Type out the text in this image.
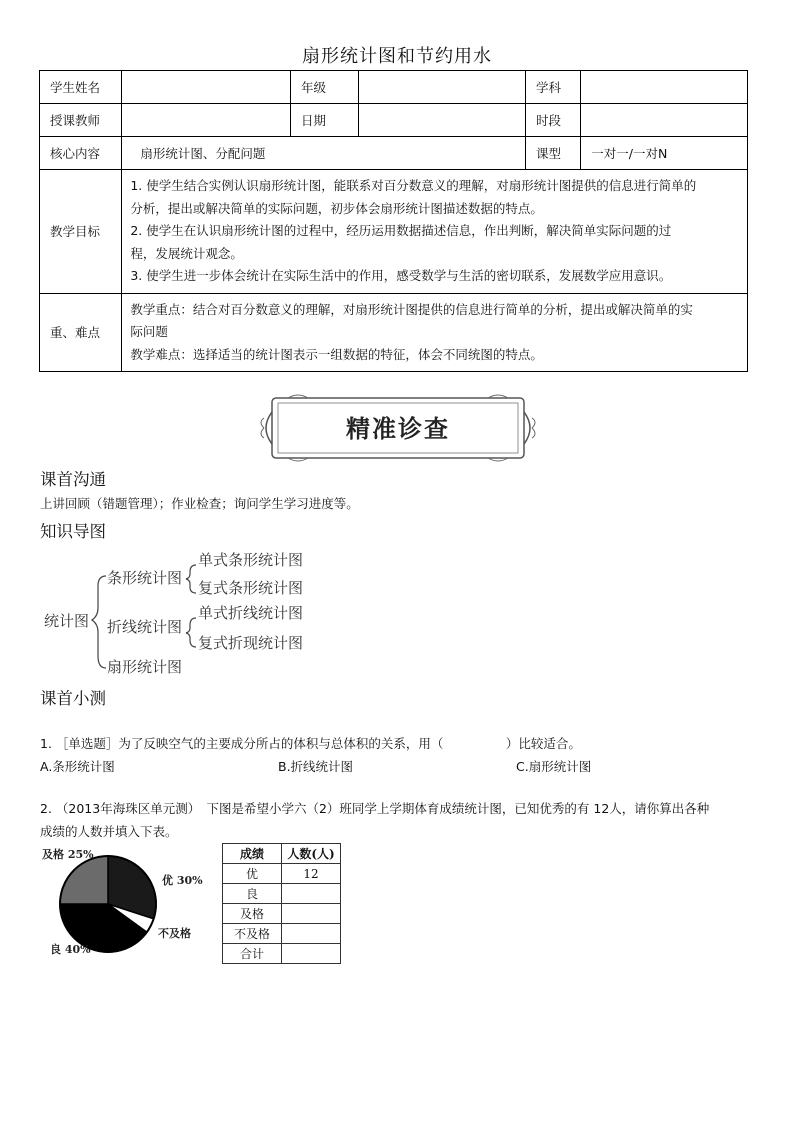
扇形统计图和节约用水
学生姓名		年级		学科	
授课教师		日期		时段	
核心内容	扇形统计图、分配问题			课型	一对一/一对N
教学目标	1. 使学生结合实例认识扇形统计图，能联系对百分数意义的理解，对扇形统计图提供的信息进行简单的
分析，提出或解决简单的实际问题，初步体会扇形统计图描述数据的特点。
2. 使学生在认识扇形统计图的过程中，经历运用数据描述信息，作出判断，解决简单实际问题的过
程，发展统计观念。
3. 使学生进一步体会统计在实际生活中的作用，感受数学与生活的密切联系，发展数学应用意识。				

重、难点	教学重点：结合对百分数意义的理解，对扇形统计图提供的信息进行简单的分析，提出或解决简单的实
际问题
教学难点：选择适当的统计图表示一组数据的特征，体会不同统图的特点。				
精准诊查
课首沟通
上讲回顾（错题管理）；作业检查；询问学生学习进度等。
知识导图
统计图
条形统计图
单式条形统计图
复式条形统计图
折线统计图
单式折线统计图
复式折现统计图
扇形统计图
课首小测
1. ［单选题］为了反映空气的主要成分所占的体积与总体积的关系，用（　　　　　）比较适合。
A.条形统计图	B.折线统计图	C.扇形统计图
2. （2013年海珠区单元测）　下图是希望小学六（2）班同学上学期体育成绩统计图，已知优秀的有 12人，请你算出各种
成绩的人数并填入下表。
及格 25%
优 30%
不及格
良 40%
成绩	人数(人)
优	12
良	
及格	
不及格	
合计	
